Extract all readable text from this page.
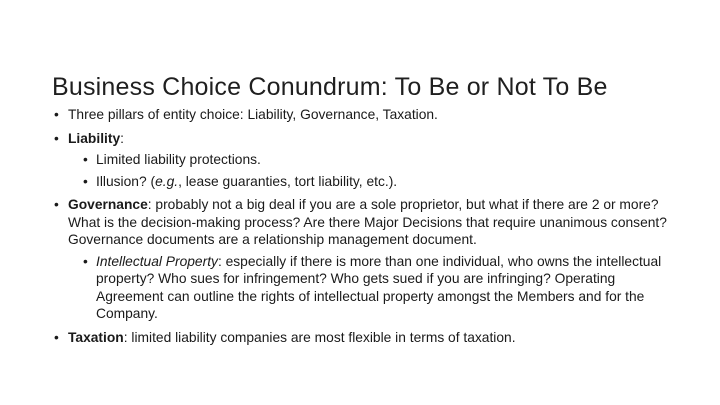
Business Choice Conundrum: To Be or Not To Be
• Three pillars of entity choice: Liability, Governance, Taxation.
• Liability:
• Limited liability protections.
• Illusion? (e.g., lease guaranties, tort liability, etc.).
• Governance: probably not a big deal if you are a sole proprietor, but what if there are 2 or more? What is the decision-making process? Are there Major Decisions that require unanimous consent? Governance documents are a relationship management document.
• Intellectual Property: especially if there is more than one individual, who owns the intellectual property? Who sues for infringement? Who gets sued if you are infringing? Operating Agreement can outline the rights of intellectual property amongst the Members and for the Company.
• Taxation: limited liability companies are most flexible in terms of taxation.
